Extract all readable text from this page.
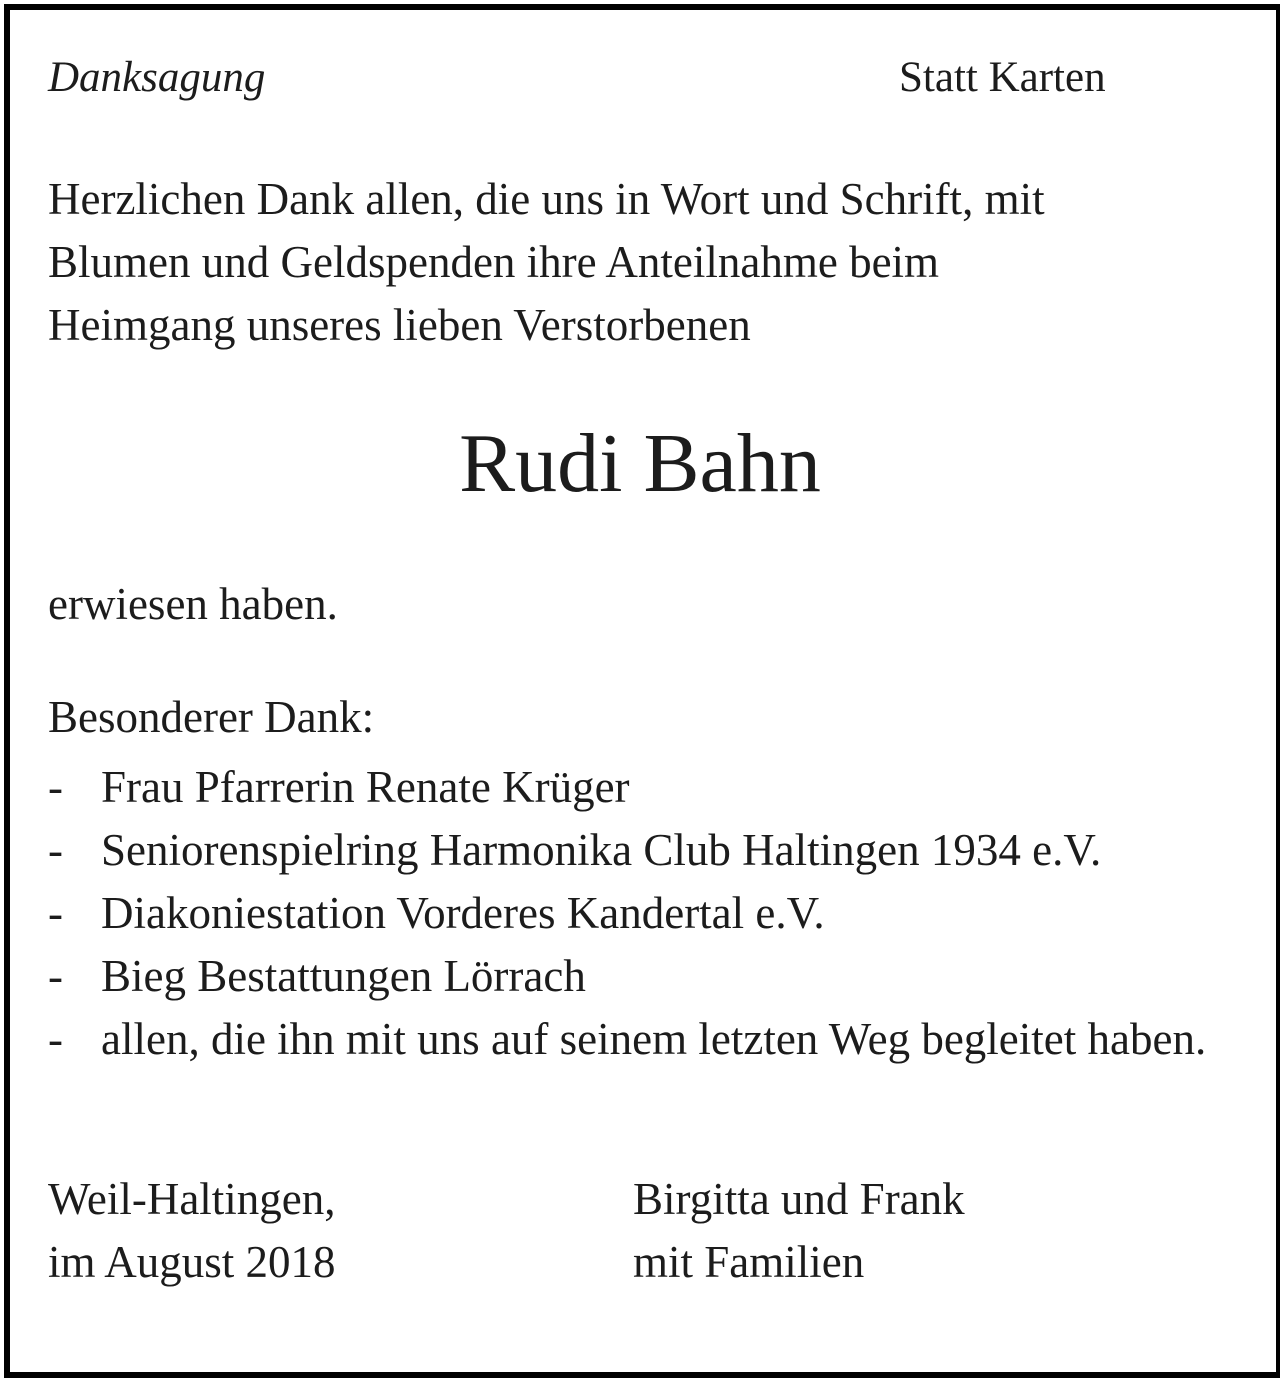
Danksagung	Statt Karten
Herzlichen Dank allen, die uns in Wort und Schrift, mit
Blumen und Geldspenden ihre Anteilnahme beim
Heimgang unseres lieben Verstorbenen
Rudi Bahn
erwiesen haben.
Besonderer Dank:
- Frau Pfarrerin Renate Krüger
- Seniorenspielring Harmonika Club Haltingen 1934 e.V.
- Diakoniestation Vorderes Kandertal e.V.
- Bieg Bestattungen Lörrach
- allen, die ihn mit uns auf seinem letzten Weg begleitet haben.
Weil-Haltingen,
im August 2018
Birgitta und Frank
mit Familien
